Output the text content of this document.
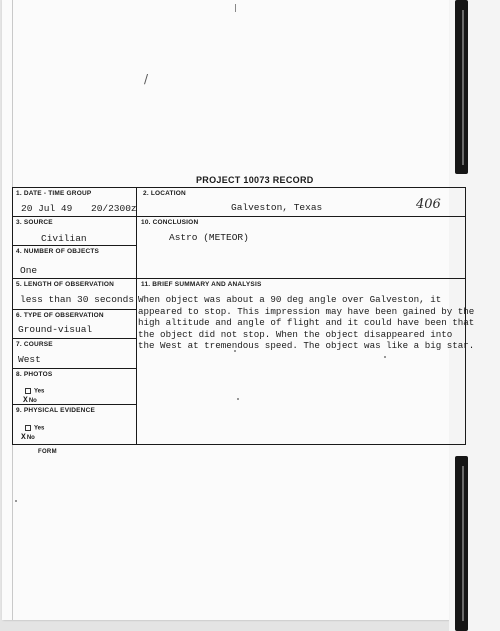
/
PROJECT 10073 RECORD
1. DATE - TIME GROUP
20 Jul 49 20/2300z
2. LOCATION
Galveston, Texas
3. SOURCE
Civilian
10. CONCLUSION
Astro (METEOR)
4. NUMBER OF OBJECTS
One
5. LENGTH OF OBSERVATION
less than 30 seconds
11. BRIEF SUMMARY AND ANALYSIS
When object was about a 90 deg angle over Galveston, it
appeared to stop. This impression may have been gained by the
high altitude and angle of flight and it could have been that
the object did not stop. When the object disappeared into
the West at tremendous speed. The object was like a big star.
6. TYPE OF OBSERVATION
Ground-visual
7. COURSE
West
8. PHOTOS
Yes
XNo
9. PHYSICAL EVIDENCE
Yes
XNo
406
FORM
